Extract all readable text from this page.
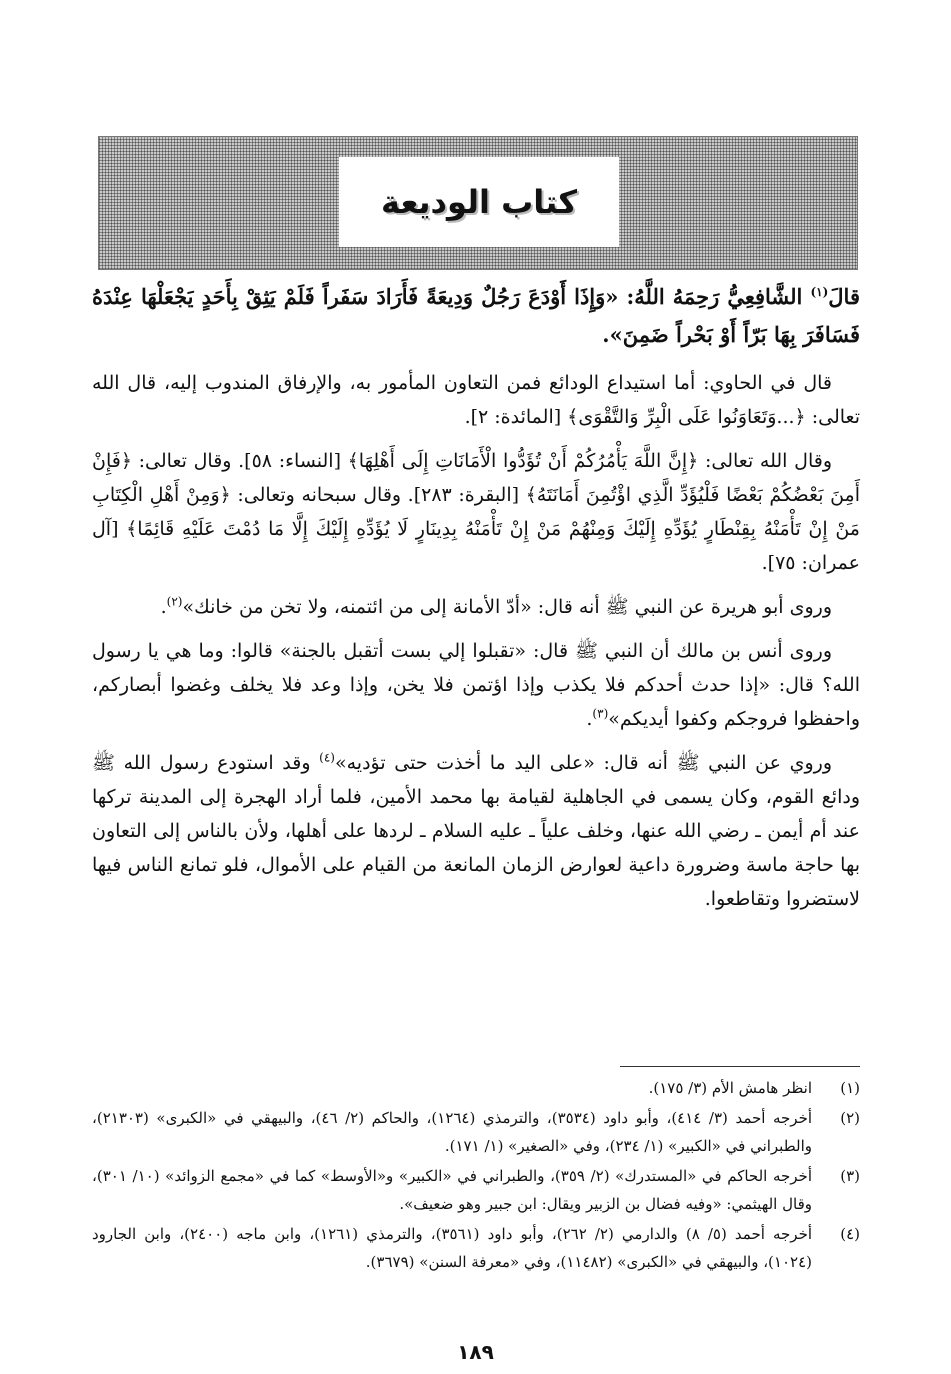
كتاب الوديعة

قالَ$^{(١)}$ الشَّافِعِيُّ رَحِمَهُ اللَّهُ: «وَإِذَا أَوْدَعَ رَجُلٌ وَدِيعَةً فَأَرَادَ سَفَراً فَلَمْ يَثِقْ بِأَحَدٍ يَجْعَلْهَا عِنْدَهُ فَسَافَرَ بِهَا بَرّاً أَوْ بَحْراً ضَمِنَ».

قال في الحاوي: أما استيداع الودائع فمن التعاون المأمور به، والإرفاق المندوب إليه، قال الله تعالى: ﴿...وَتَعَاوَنُوا عَلَى الْبِرِّ وَالتَّقْوَى﴾ [المائدة: ٢].

وقال الله تعالى: ﴿إِنَّ اللَّهَ يَأْمُرُكُمْ أَنْ تُؤَدُّوا الْأَمَانَاتِ إِلَى أَهْلِهَا﴾ [النساء: ٥٨]. وقال تعالى: ﴿فَإِنْ أَمِنَ بَعْضُكُمْ بَعْضًا فَلْيُؤَدِّ الَّذِي اؤْتُمِنَ أَمَانَتَهُ﴾ [البقرة: ٢٨٣]. وقال سبحانه وتعالى: ﴿وَمِنْ أَهْلِ الْكِتَابِ مَنْ إِنْ تَأْمَنْهُ بِقِنْطَارٍ يُؤَدِّهِ إِلَيْكَ وَمِنْهُمْ مَنْ إِنْ تَأْمَنْهُ بِدِينَارٍ لَا يُؤَدِّهِ إِلَيْكَ إِلَّا مَا دُمْتَ عَلَيْهِ قَائِمًا﴾ [آل عمران: ٧٥].

وروى أبو هريرة عن النبي ﷺ أنه قال: «أدّ الأمانة إلى من ائتمنه، ولا تخن من خانك»$^{(٢)}$.

وروى أنس بن مالك أن النبي ﷺ قال: «تقبلوا إلي بست أتقبل بالجنة» قالوا: وما هي يا رسول الله؟ قال: «إذا حدث أحدكم فلا يكذب وإذا اؤتمن فلا يخن، وإذا وعد فلا يخلف وغضوا أبصاركم، واحفظوا فروجكم وكفوا أيديكم»$^{(٣)}$.

وروي عن النبي ﷺ أنه قال: «على اليد ما أخذت حتى تؤديه»$^{(٤)}$ وقد استودع رسول الله ﷺ ودائع القوم، وكان يسمى في الجاهلية لقيامة بها محمد الأمين، فلما أراد الهجرة إلى المدينة تركها عند أم أيمن ـ رضي الله عنها، وخلف علياً ـ عليه السلام ـ لردها على أهلها، ولأن بالناس إلى التعاون بها حاجة ماسة وضرورة داعية لعوارض الزمان المانعة من القيام على الأموال، فلو تمانع الناس فيها لاستضروا وتقاطعوا.

(١)
انظر هامش الأم (٣/ ١٧٥).
(٢)
أخرجه أحمد (٣/ ٤١٤)، وأبو داود (٣٥٣٤)، والترمذي (١٢٦٤)، والحاكم (٢/ ٤٦)، والبيهقي في «الكبرى» (٢١٣٠٣)، والطبراني في «الكبير» (١/ ٢٣٤)، وفي «الصغير» (١/ ١٧١).
(٣)
أخرجه الحاكم في «المستدرك» (٢/ ٣٥٩)، والطبراني في «الكبير» و«الأوسط» كما في «مجمع الزوائد» (١٠/ ٣٠١)، وقال الهيثمي: «وفيه فضال بن الزبير ويقال: ابن جبير وهو ضعيف».
(٤)
أخرجه أحمد (٥/ ٨) والدارمي (٢/ ٢٦٢)، وأبو داود (٣٥٦١)، والترمذي (١٢٦١)، وابن ماجه (٢٤٠٠)، وابن الجارود (١٠٢٤)، والبيهقي في «الكبرى» (١١٤٨٢)، وفي «معرفة السنن» (٣٦٧٩).
١٨٩
